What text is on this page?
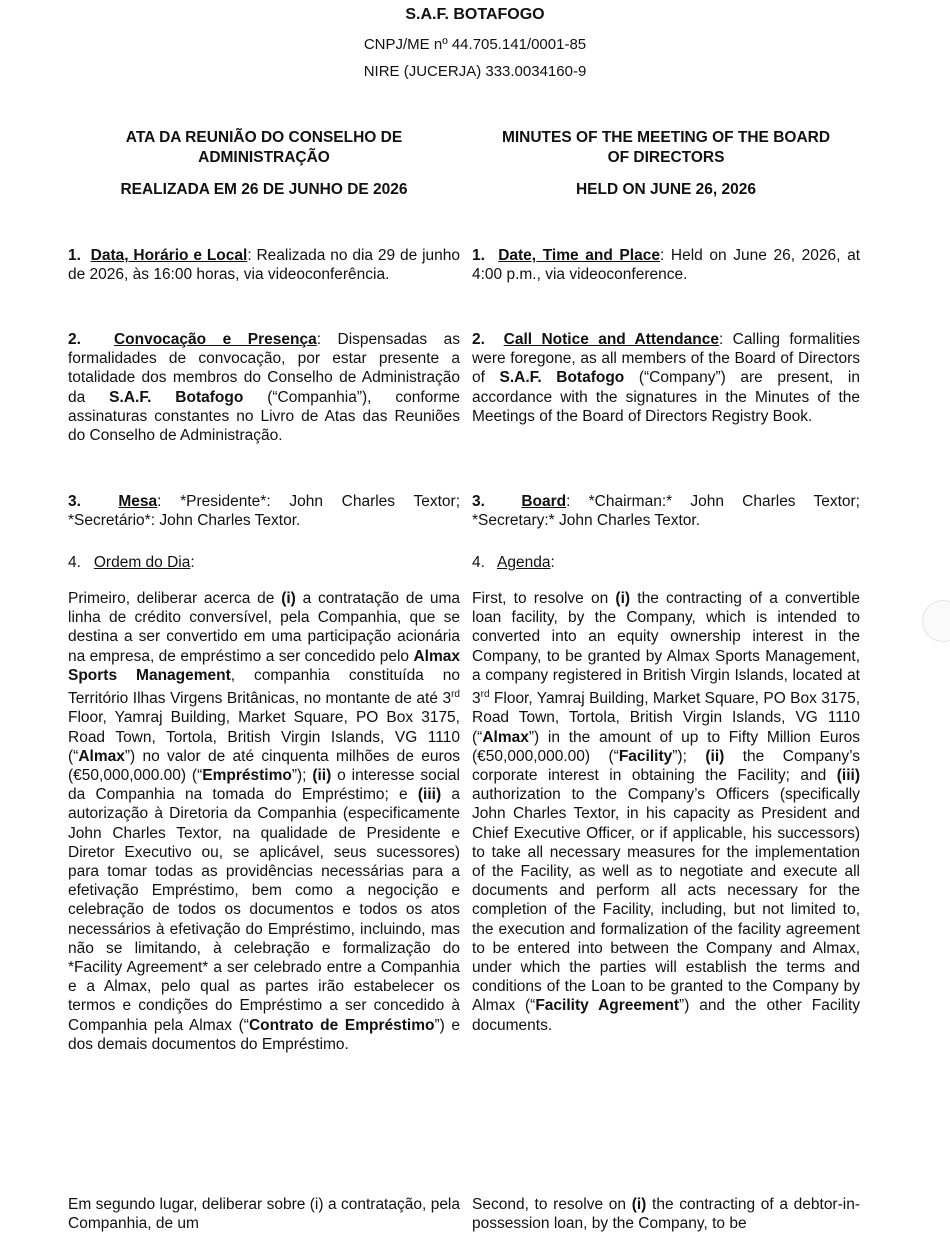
S.A.F. BOTAFOGO
CNPJ/ME nº 44.705.141/0001-85
NIRE (JUCERJA) 333.0034160-9
ATA DA REUNIÃO DO CONSELHO DE
ADMINISTRAÇÃO
REALIZADA EM 26 DE JUNHO DE 2026
1. Data, Horário e Local: Realizada no dia 29 de junho de 2026, às 16:00 horas, via videoconferência.
2. Convocação e Presença: Dispensadas as formalidades de convocação, por estar presente a totalidade dos membros do Conselho de Administração da S.A.F. Botafogo (“Companhia”), conforme assinaturas constantes no Livro de Atas das Reuniões do Conselho de Administração.
3. Mesa: *Presidente*: John Charles Textor; *Secretário*: John Charles Textor.
4. Ordem do Dia:
Primeiro, deliberar acerca de (i) a contratação de uma linha de crédito conversível, pela Companhia, que se destina a ser convertido em uma participação acionária na empresa, de empréstimo a ser concedido pelo Almax Sports Management, companhia constituída no Território Ilhas Virgens Britânicas, no montante de até 3rd Floor, Yamraj Building, Market Square, PO Box 3175, Road Town, Tortola, British Virgin Islands, VG 1110 (“Almax”) no valor de até cinquenta milhões de euros (€50,000,000.00) (“Empréstimo”); (ii) o interesse social da Companhia na tomada do Empréstimo; e (iii) a autorização à Diretoria da Companhia (especificamente John Charles Textor, na qualidade de Presidente e Diretor Executivo ou, se aplicável, seus sucessores) para tomar todas as providências necessárias para a efetivação Empréstimo, bem como a negocição e celebração de todos os documentos e todos os atos necessários à efetivação do Empréstimo, incluindo, mas não se limitando, à celebração e formalização do *Facility Agreement* a ser celebrado entre a Companhia e a Almax, pelo qual as partes irão estabelecer os termos e condições do Empréstimo a ser concedido à Companhia pela Almax (“Contrato de Empréstimo”) e dos demais documentos do Empréstimo.
Em segundo lugar, deliberar sobre (i) a contratação, pela Companhia, de um
MINUTES OF THE MEETING OF THE BOARD
OF DIRECTORS
HELD ON JUNE 26, 2026
1. Date, Time and Place: Held on June 26, 2026, at 4:00 p.m., via videoconference.
2. Call Notice and Attendance: Calling formalities were foregone, as all members of the Board of Directors of S.A.F. Botafogo (“Company”) are present, in accordance with the signatures in the Minutes of the Meetings of the Board of Directors Registry Book.
3. Board: *Chairman:* John Charles Textor; *Secretary:* John Charles Textor.
4. Agenda:
First, to resolve on (i) the contracting of a convertible loan facility, by the Company, which is intended to converted into an equity ownership interest in the Company, to be granted by Almax Sports Management, a company registered in British Virgin Islands, located at 3rd Floor, Yamraj Building, Market Square, PO Box 3175, Road Town, Tortola, British Virgin Islands, VG 1110 (“Almax”) in the amount of up to Fifty Million Euros (€50,000,000.00) (“Facility”); (ii) the Company’s corporate interest in obtaining the Facility; and (iii) authorization to the Company’s Officers (specifically John Charles Textor, in his capacity as President and Chief Executive Officer, or if applicable, his successors) to take all necessary measures for the implementation of the Facility, as well as to negotiate and execute all documents and perform all acts necessary for the completion of the Facility, including, but not limited to, the execution and formalization of the facility agreement to be entered into between the Company and Almax, under which the parties will establish the terms and conditions of the Loan to be granted to the Company by Almax (“Facility Agreement”) and the other Facility documents.
Second, to resolve on (i) the contracting of a debtor-in-possession loan, by the Company, to be
